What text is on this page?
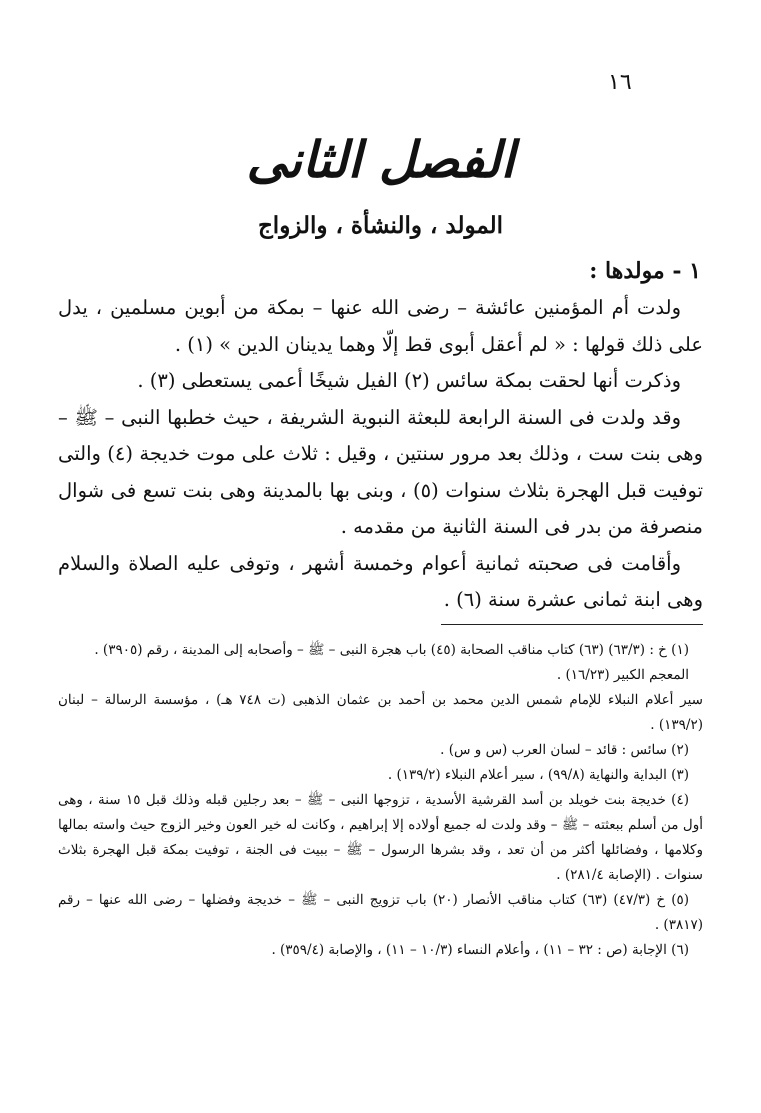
١٦
الفصل الثانى
المولد ، والنشأة ، والزواج
١ - مولدها :

ولدت أم المؤمنين عائشة – رضى الله عنها – بمكة من أبوين مسلمين ، يدل على ذلك قولها : « لم أعقل أبوى قط إلّا وهما يدينان الدين » (١) .

وذكرت أنها لحقت بمكة سائس (٢) الفيل شيخًا أعمى يستعطى (٣) .

وقد ولدت فى السنة الرابعة للبعثة النبوية الشريفة ، حيث خطبها النبى – ﷺ – وهى بنت ست ، وذلك بعد مرور سنتين ، وقيل : ثلاث على موت خديجة (٤) والتى توفيت قبل الهجرة بثلاث سنوات (٥) ، وبنى بها بالمدينة وهى بنت تسع فى شوال منصرفة من بدر فى السنة الثانية من مقدمه .

وأقامت فى صحبته ثمانية أعوام وخمسة أشهر ، وتوفى عليه الصلاة والسلام وهى ابنة ثمانى عشرة سنة (٦) .

(١) خ : (٦٣/٣) (٦٣) كتاب مناقب الصحابة (٤٥) باب هجرة النبى – ﷺ – وأصحابه إلى المدينة ، رقم (٣٩٠٥) .

المعجم الكبير (١٦/٢٣) .

سير أعلام النبلاء للإمام شمس الدين محمد بن أحمد بن عثمان الذهبى (ت ٧٤٨ هـ) ، مؤسسة الرسالة – لبنان (١٣٩/٢) .

(٢) سائس : قائد – لسان العرب (س و س) .

(٣) البداية والنهاية (٩٩/٨) ، سير أعلام النبلاء (١٣٩/٢) .

(٤) خديجة بنت خويلد بن أسد القرشية الأسدية ، تزوجها النبى – ﷺ – بعد رجلين قبله وذلك قبل ١٥ سنة ، وهى أول من أسلم ببعثته – ﷺ – وقد ولدت له جميع أولاده إلا إبراهيم ، وكانت له خير العون وخير الزوج حيث واسته بمالها وكلامها ، وفضائلها أكثر من أن تعد ، وقد بشرها الرسول – ﷺ – ببيت فى الجنة ، توفيت بمكة قبل الهجرة بثلاث سنوات . (الإصابة ٢٨١/٤) .

(٥) خ (٤٧/٣) (٦٣) كتاب مناقب الأنصار (٢٠) باب تزويج النبى – ﷺ – خديجة وفضلها – رضى الله عنها – رقم (٣٨١٧) .

(٦) الإجابة (ص : ٣٢ – ١١) ، وأعلام النساء (١٠/٣ – ١١) ، والإصابة (٣٥٩/٤) .
